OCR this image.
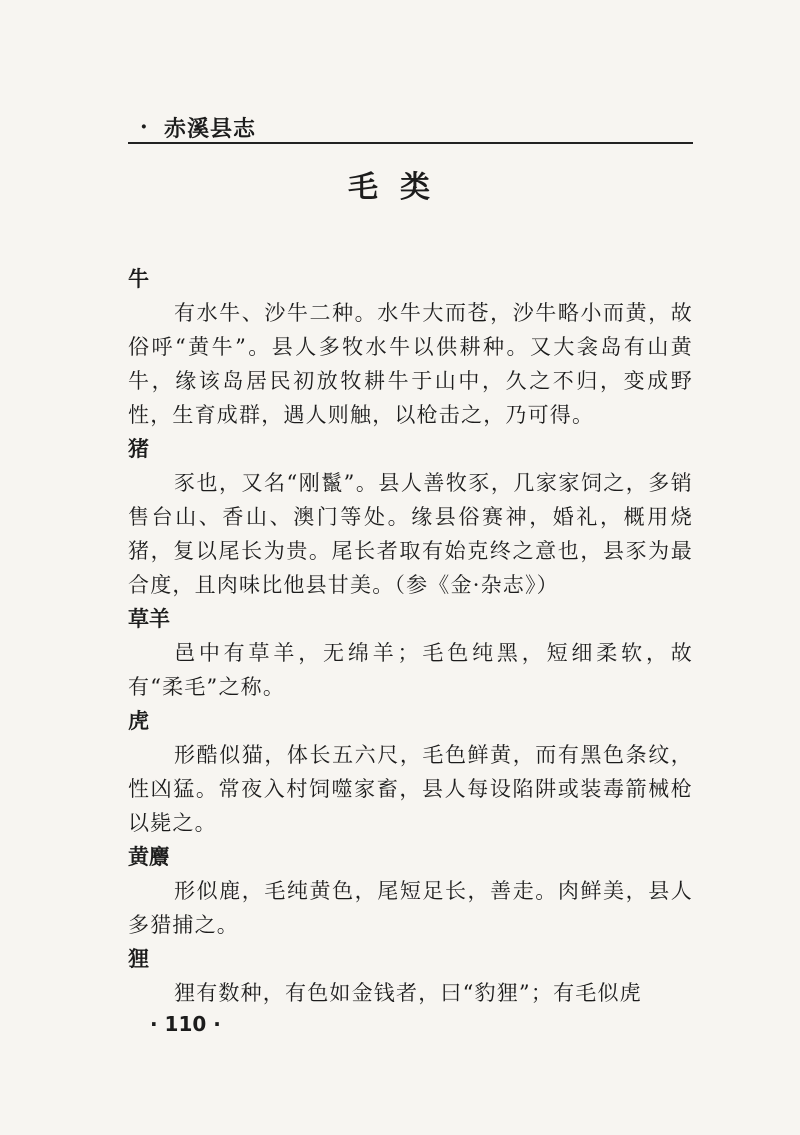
· 赤溪县志
毛类

牛

有水牛、沙牛二种。水牛大而苍，沙牛略小而黄，故俗呼“黄牛”。县人多牧水牛以供耕种。又大衾岛有山黄牛，缘该岛居民初放牧耕牛于山中，久之不归，变成野性，生育成群，遇人则触，以枪击之，乃可得。

猪

豕也，又名“刚鬣”。县人善牧豕，几家家饲之，多销售台山、香山、澳门等处。缘县俗赛神，婚礼，概用烧猪，复以尾长为贵。尾长者取有始克终之意也，县豕为最合度，且肉味比他县甘美。（参《金·杂志》）

草羊

邑中有草羊，无绵羊；毛色纯黑，短细柔软，故有“柔毛”之称。

虎

形酷似猫，体长五六尺，毛色鲜黄，而有黑色条纹，性凶猛。常夜入村饲噬家畜，县人每设陷阱或装毒箭械枪以毙之。

黄麖

形似鹿，毛纯黄色，尾短足长，善走。肉鲜美，县人多猎捕之。

狸

狸有数种，有色如金钱者，曰“豹狸”；有毛似虎

· 110 ·
